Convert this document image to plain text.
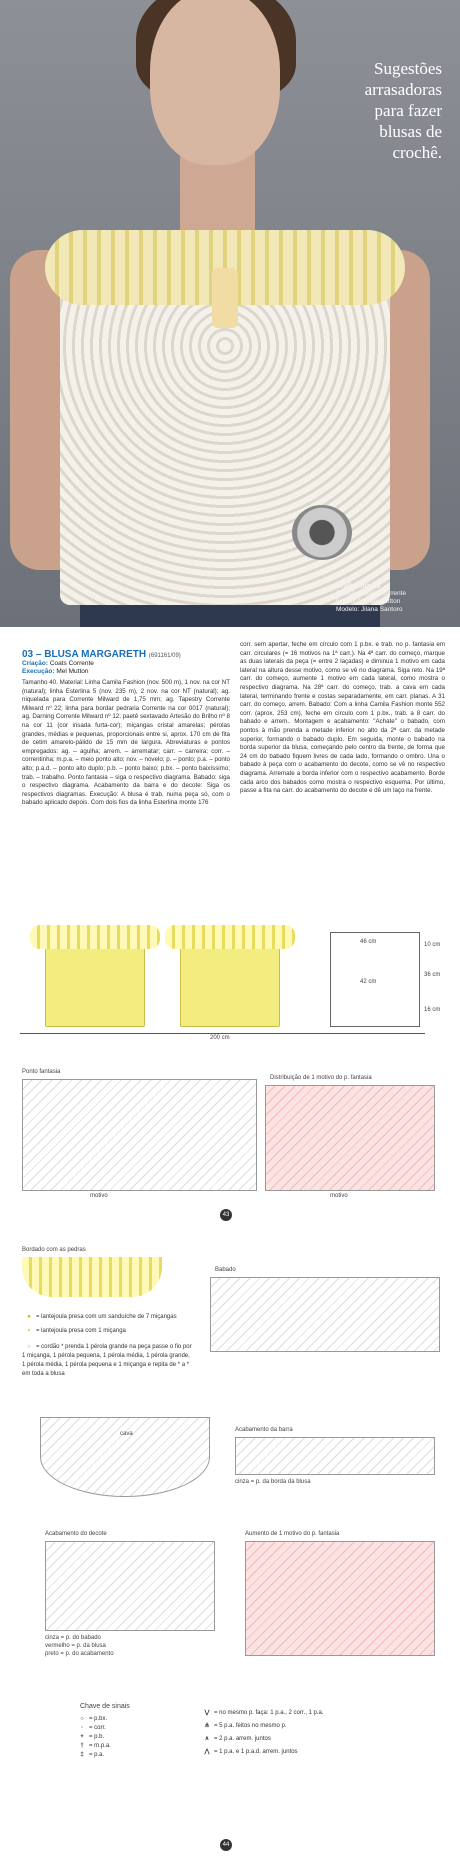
Sugestões
arrasadoras
para fazer
blusas de
crochê.
Trabalho 03
Criação: Coats Corrente
Execução: Mel Mutton
Modelo: Jilana Santoro
03 – BLUSA MARGARETH (691161/09)
Criação: Coats Corrente
Tamanho 40. Material: Linha Camila Fashion (nov. 500 m), 1 nov. na cor NT (natural); linha Esterlina 5 (nov. 235 m), 2 nov. na cor NT (natural); ag. niquelada para Corrente Milward de 1,75 mm; ag. Tapestry Corrente Milward nº 22; linha para bordar pedraria Corrente na cor 0017 (natural); ag. Darning Corrente Milward nº 12; paetê sextavado Artesão do Brilho nº 8 na cor 11 (cor irisada furta-cor); miçangas cristal amarelas; pérolas grandes, médias e pequenas, proporcionais entre si, aprox. 170 cm de fita de cetim amarelo-pálido de 15 mm de largura. Abreviaturas e pontos empregados: ag. – agulha; arrem. – arrematar; carr. – carreira; corr. – correntinha; m.p.a. – meio ponto alto; nov. – novelo; p. – ponto; p.a. – ponto alto; p.a.d. – ponto alto duplo; p.b. – ponto baixo; p.bx. – ponto baixíssimo; trab. – trabalho. Ponto fantasia – siga o respectivo diagrama. Babado: siga o respectivo diagrama. Acabamento da barra e do decote: Siga os respectivos diagramas. Execução: A blusa é trab. numa peça só, com o babado aplicado depois. Com dois fios da linha Esterlina monte 176
Execução: Mel Mutton
corr. sem apertar, feche em círculo com 1 p.bx. e trab. no p. fantasia em carr. circulares (= 16 motivos na 1ª carr.). Na 4ª carr. do começo, marque as duas laterais da peça (= entre 2 laçadas) e diminua 1 motivo em cada lateral na altura desse motivo, como se vê no diagrama. Siga reto. Na 19ª carr. do começo, aumente 1 motivo em cada lateral, como mostra o respectivo diagrama. Na 28ª carr. do começo, trab. a cava em cada lateral, terminando frente e costas separadamente, em carr. planas. A 31 carr. do começo, arrem. Babado: Com a linha Camila Fashion monte 552 corr. (aprox. 253 cm), feche em círculo com 1 p.bx., trab. a 8 carr. do babado e arrem.. Montagem e acabamento: "Achate" o babado, com pontos à mão prenda a metade inferior no alto da 2ª carr. da metade superior, formando o babado duplo. Em seguida, monte o babado na borda superior da blusa, começando pelo centro da frente, de forma que 24 cm do babado fiquem livres de cada lado, formando o ombro. Una o babado à peça com o acabamento do decote, como se vê no respectivo diagrama. Arremate a borda inferior com o respectivo acabamento. Borde cada arco dos babados como mostra o respectivo esquema. Por último, passe a fita na carr. do acabamento do decote e dê um laço na frente.
200 cm
46 cm
42 cm
10 cm
36 cm
16 cm
Ponto fantasia
motivo
Distribuição de 1 motivo do p. fantasia
motivo
43
Bordado com as pedras
Babado
● = lantejoula presa com um sanduíche de 7 miçangas
• = lantejoula presa com 1 miçanga
○ = cordão * prenda 1 pérola grande na peça passe o fio por 1 miçanga, 1 pérola pequena, 1 pérola média, 1 pérola grande, 1 pérola média, 1 pérola pequena e 1 miçanga e repita de * a * em toda a blusa
cava
Acabamento da barra
cinza = p. da borda da blusa
Acabamento do decote
cinza = p. do babado
vermelho = p. da blusa
preto = p. do acabamento
Aumento de 1 motivo do p. fantasia
Chave de sinais
○ = p.bx.
◦ = corr.
+ = p.b.
† = m.p.a.
‡ = p.a.
⋁ = no mesmo p. faça: 1 p.a., 2 corr., 1 p.a.
⋔ = 5 p.a. feitos no mesmo p.
∧ = 2 p.a. arrem. juntos
⋀ = 1 p.a. e 1 p.a.d. arrem. juntos
44
